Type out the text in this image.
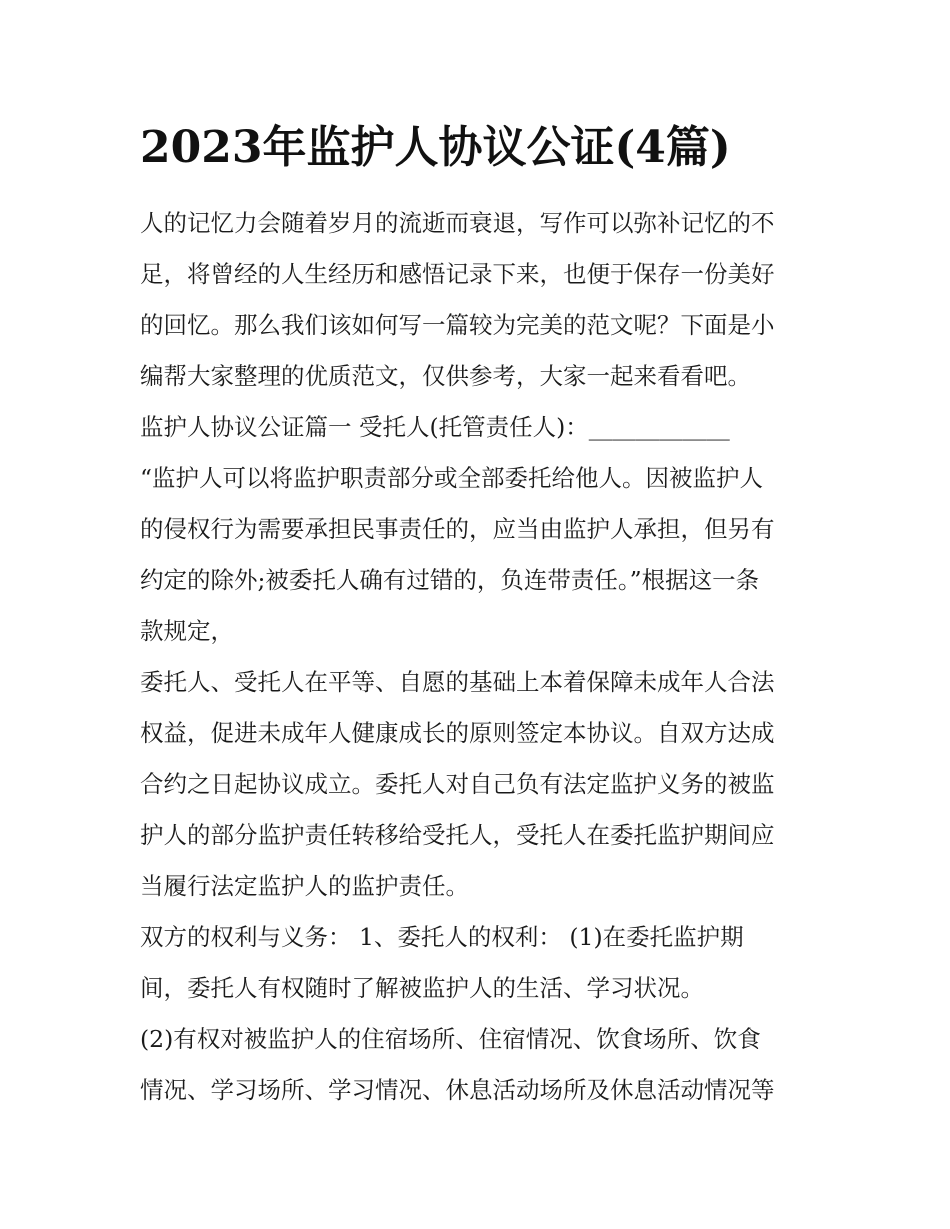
2023年监护人协议公证(4篇)
人的记忆力会随着岁月的流逝而衰退，写作可以弥补记忆的不
足，将曾经的人生经历和感悟记录下来，也便于保存一份美好
的回忆。那么我们该如何写一篇较为完美的范文呢？下面是小
编帮大家整理的优质范文，仅供参考，大家一起来看看吧。
监护人协议公证篇一 受托人(托管责任人)：____________
“监护人可以将监护职责部分或全部委托给他人。因被监护人
的侵权行为需要承担民事责任的，应当由监护人承担，但另有
约定的除外;被委托人确有过错的，负连带责任。”根据这一条
款规定，
委托人、受托人在平等、自愿的基础上本着保障未成年人合法
权益，促进未成年人健康成长的原则签定本协议。自双方达成
合约之日起协议成立。委托人对自己负有法定监护义务的被监
护人的部分监护责任转移给受托人，受托人在委托监护期间应
当履行法定监护人的监护责任。
双方的权利与义务： 1、委托人的权利： (1)在委托监护期
间，委托人有权随时了解被监护人的生活、学习状况。
(2)有权对被监护人的住宿场所、住宿情况、饮食场所、饮食
情况、学习场所、学习情况、休息活动场所及休息活动情况等
